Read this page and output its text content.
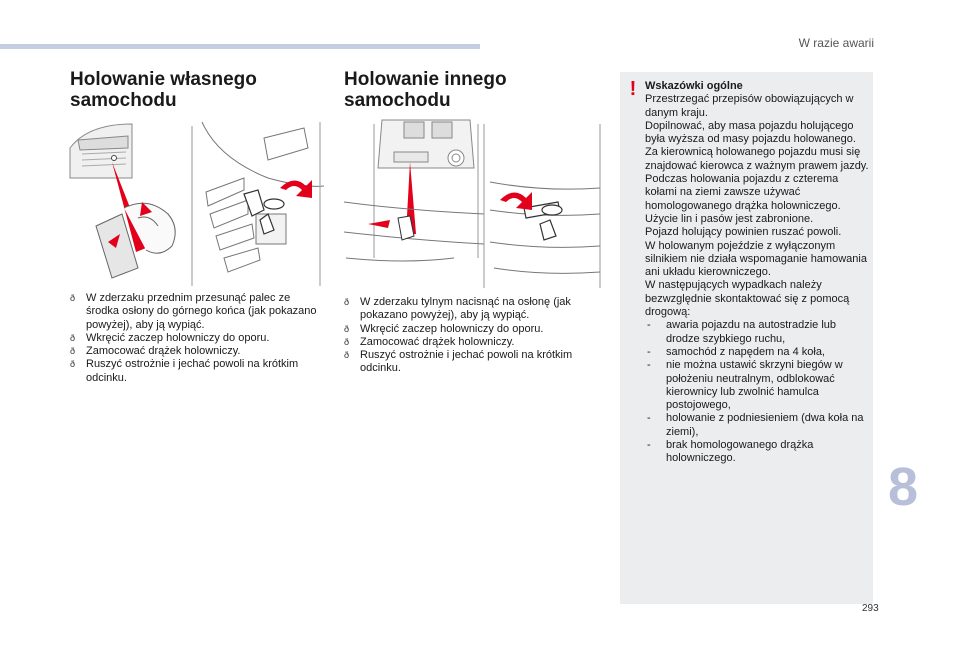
W razie awarii
Holowanie własnego samochodu
Holowanie innego samochodu
ð W zderzaku przednim przesunąć palec ze środka osłony do górnego końca (jak pokazano powyżej), aby ją wypiąć.
ð Wkręcić zaczep holowniczy do oporu.
ð Zamocować drążek holowniczy.
ð Ruszyć ostrożnie i jechać powoli na krótkim odcinku.
ð W zderzaku tylnym nacisnąć na osłonę (jak pokazano powyżej), aby ją wypiąć.
ð Wkręcić zaczep holowniczy do oporu.
ð Zamocować drążek holowniczy.
ð Ruszyć ostrożnie i jechać powoli na krótkim odcinku.
! Wskazówki ogólne

Przestrzegać przepisów obowiązujących w danym kraju.

Dopilnować, aby masa pojazdu holującego była wyższa od masy pojazdu holowanego.

Za kierownicą holowanego pojazdu musi się znajdować kierowca z ważnym prawem jazdy.

Podczas holowania pojazdu z czterema kołami na ziemi zawsze używać homologowanego drążka holowniczego.

Użycie lin i pasów jest zabronione.

Pojazd holujący powinien ruszać powoli.

W holowanym pojeździe z wyłączonym silnikiem nie działa wspomaganie hamowania ani układu kierowniczego.

W następujących wypadkach należy bezwzględnie skontaktować się z pomocą drogową:

- awaria pojazdu na autostradzie lub drodze szybkiego ruchu,
- samochód z napędem na 4 koła,
- nie można ustawić skrzyni biegów w położeniu neutralnym, odblokować kierownicy lub zwolnić hamulca postojowego,
- holowanie z podniesieniem (dwa koła na ziemi),
- brak homologowanego drążka holowniczego.	8
293
